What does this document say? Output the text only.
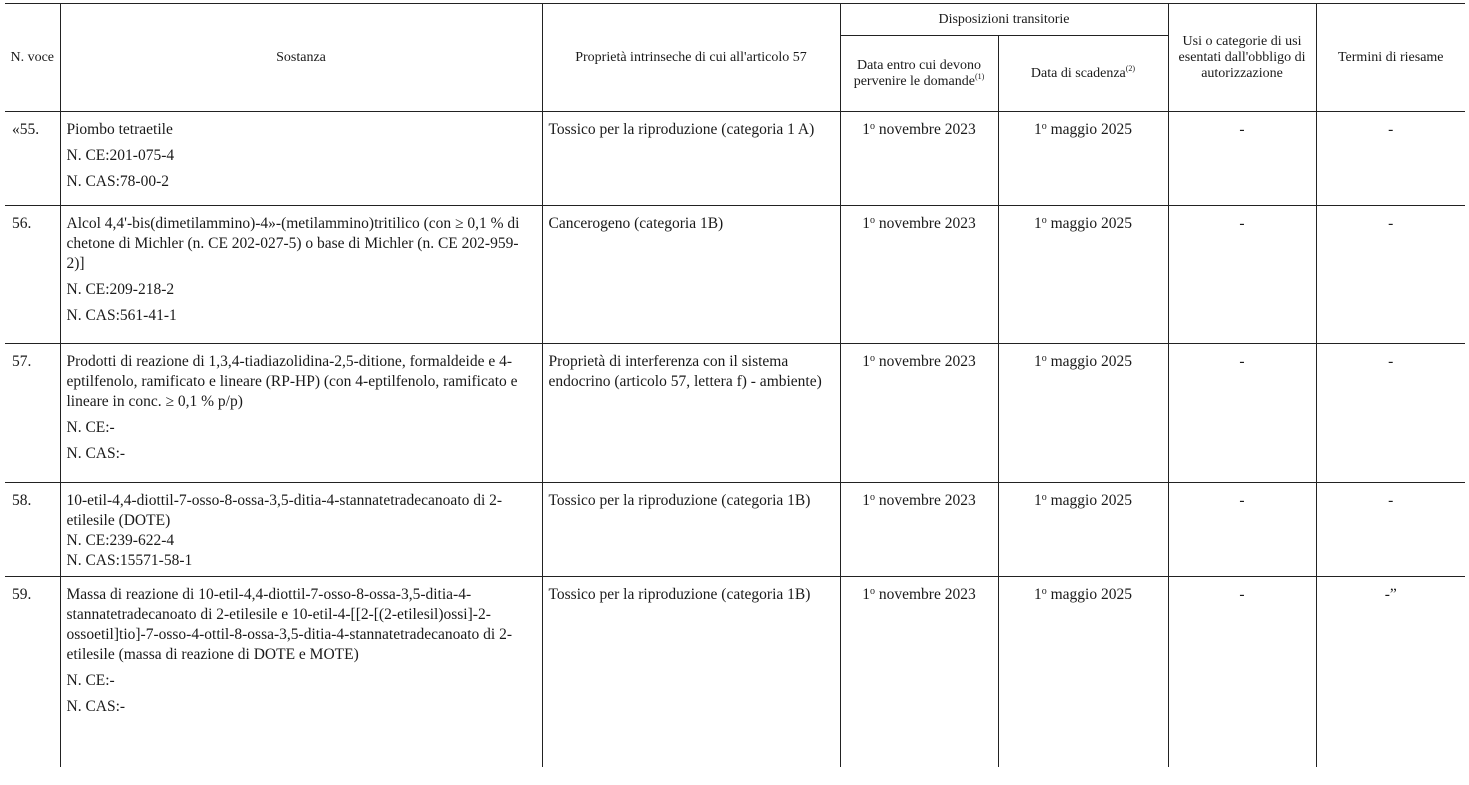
N. voce	Sostanza	Proprietà intrinseche di cui all'articolo 57	Disposizioni transitorie		Usi o categorie di usi esentati dall'obbligo di autorizzazione	Termini di riesame
			Data entro cui devono pervenire le domande$^{(1)}$	Data di scadenza$^{(2)}$
«55.	Piombo tetraetile
N. CE:201-075-4
N. CAS:78-00-2	Tossico per la riproduzione (categoria 1 A)	1$^o$ novembre 2023	1$^o$ maggio 2025	-	-
56.	Alcol 4,4'-bis(dimetilammino)-4»-(metilammino)tritilico (con ≥ 0,1 % di chetone di Michler (n. CE 202-027-5) o base di Michler (n. CE 202-959-2)]
N. CE:209-218-2
N. CAS:561-41-1	Cancerogeno (categoria 1B)	1$^o$ novembre 2023	1$^o$ maggio 2025	-	-
57.	Prodotti di reazione di 1,3,4-tiadiazolidina-2,5-ditione, formaldeide e 4-eptilfenolo, ramificato e lineare (RP-HP) (con 4-eptilfenolo, ramificato e lineare in conc. ≥ 0,1 % p/p)
N. CE:-
N. CAS:-	Proprietà di interferenza con il sistema endocrino (articolo 57, lettera f) - ambiente)	1$^o$ novembre 2023	1$^o$ maggio 2025	-	-
58.	10-etil-4,4-diottil-7-osso-8-ossa-3,5-ditia-4-stannatetradecanoato di 2-etilesile (DOTE)
N. CE:239-622-4
N. CAS:15571-58-1	Tossico per la riproduzione (categoria 1B)	1$^o$ novembre 2023	1$^o$ maggio 2025	-	-
59.	Massa di reazione di 10-etil-4,4-diottil-7-osso-8-ossa-3,5-ditia-4-stannatetradecanoato di 2-etilesile e 10-etil-4-[[2-[(2-etilesil)ossi]-2-ossoetil]tio]-7-osso-4-ottil-8-ossa-3,5-ditia-4-stannatetradecanoato di 2-etilesile (massa di reazione di DOTE e MOTE)
N. CE:-
N. CAS:-	Tossico per la riproduzione (categoria 1B)	1$^o$ novembre 2023	1$^o$ maggio 2025	-	-”
